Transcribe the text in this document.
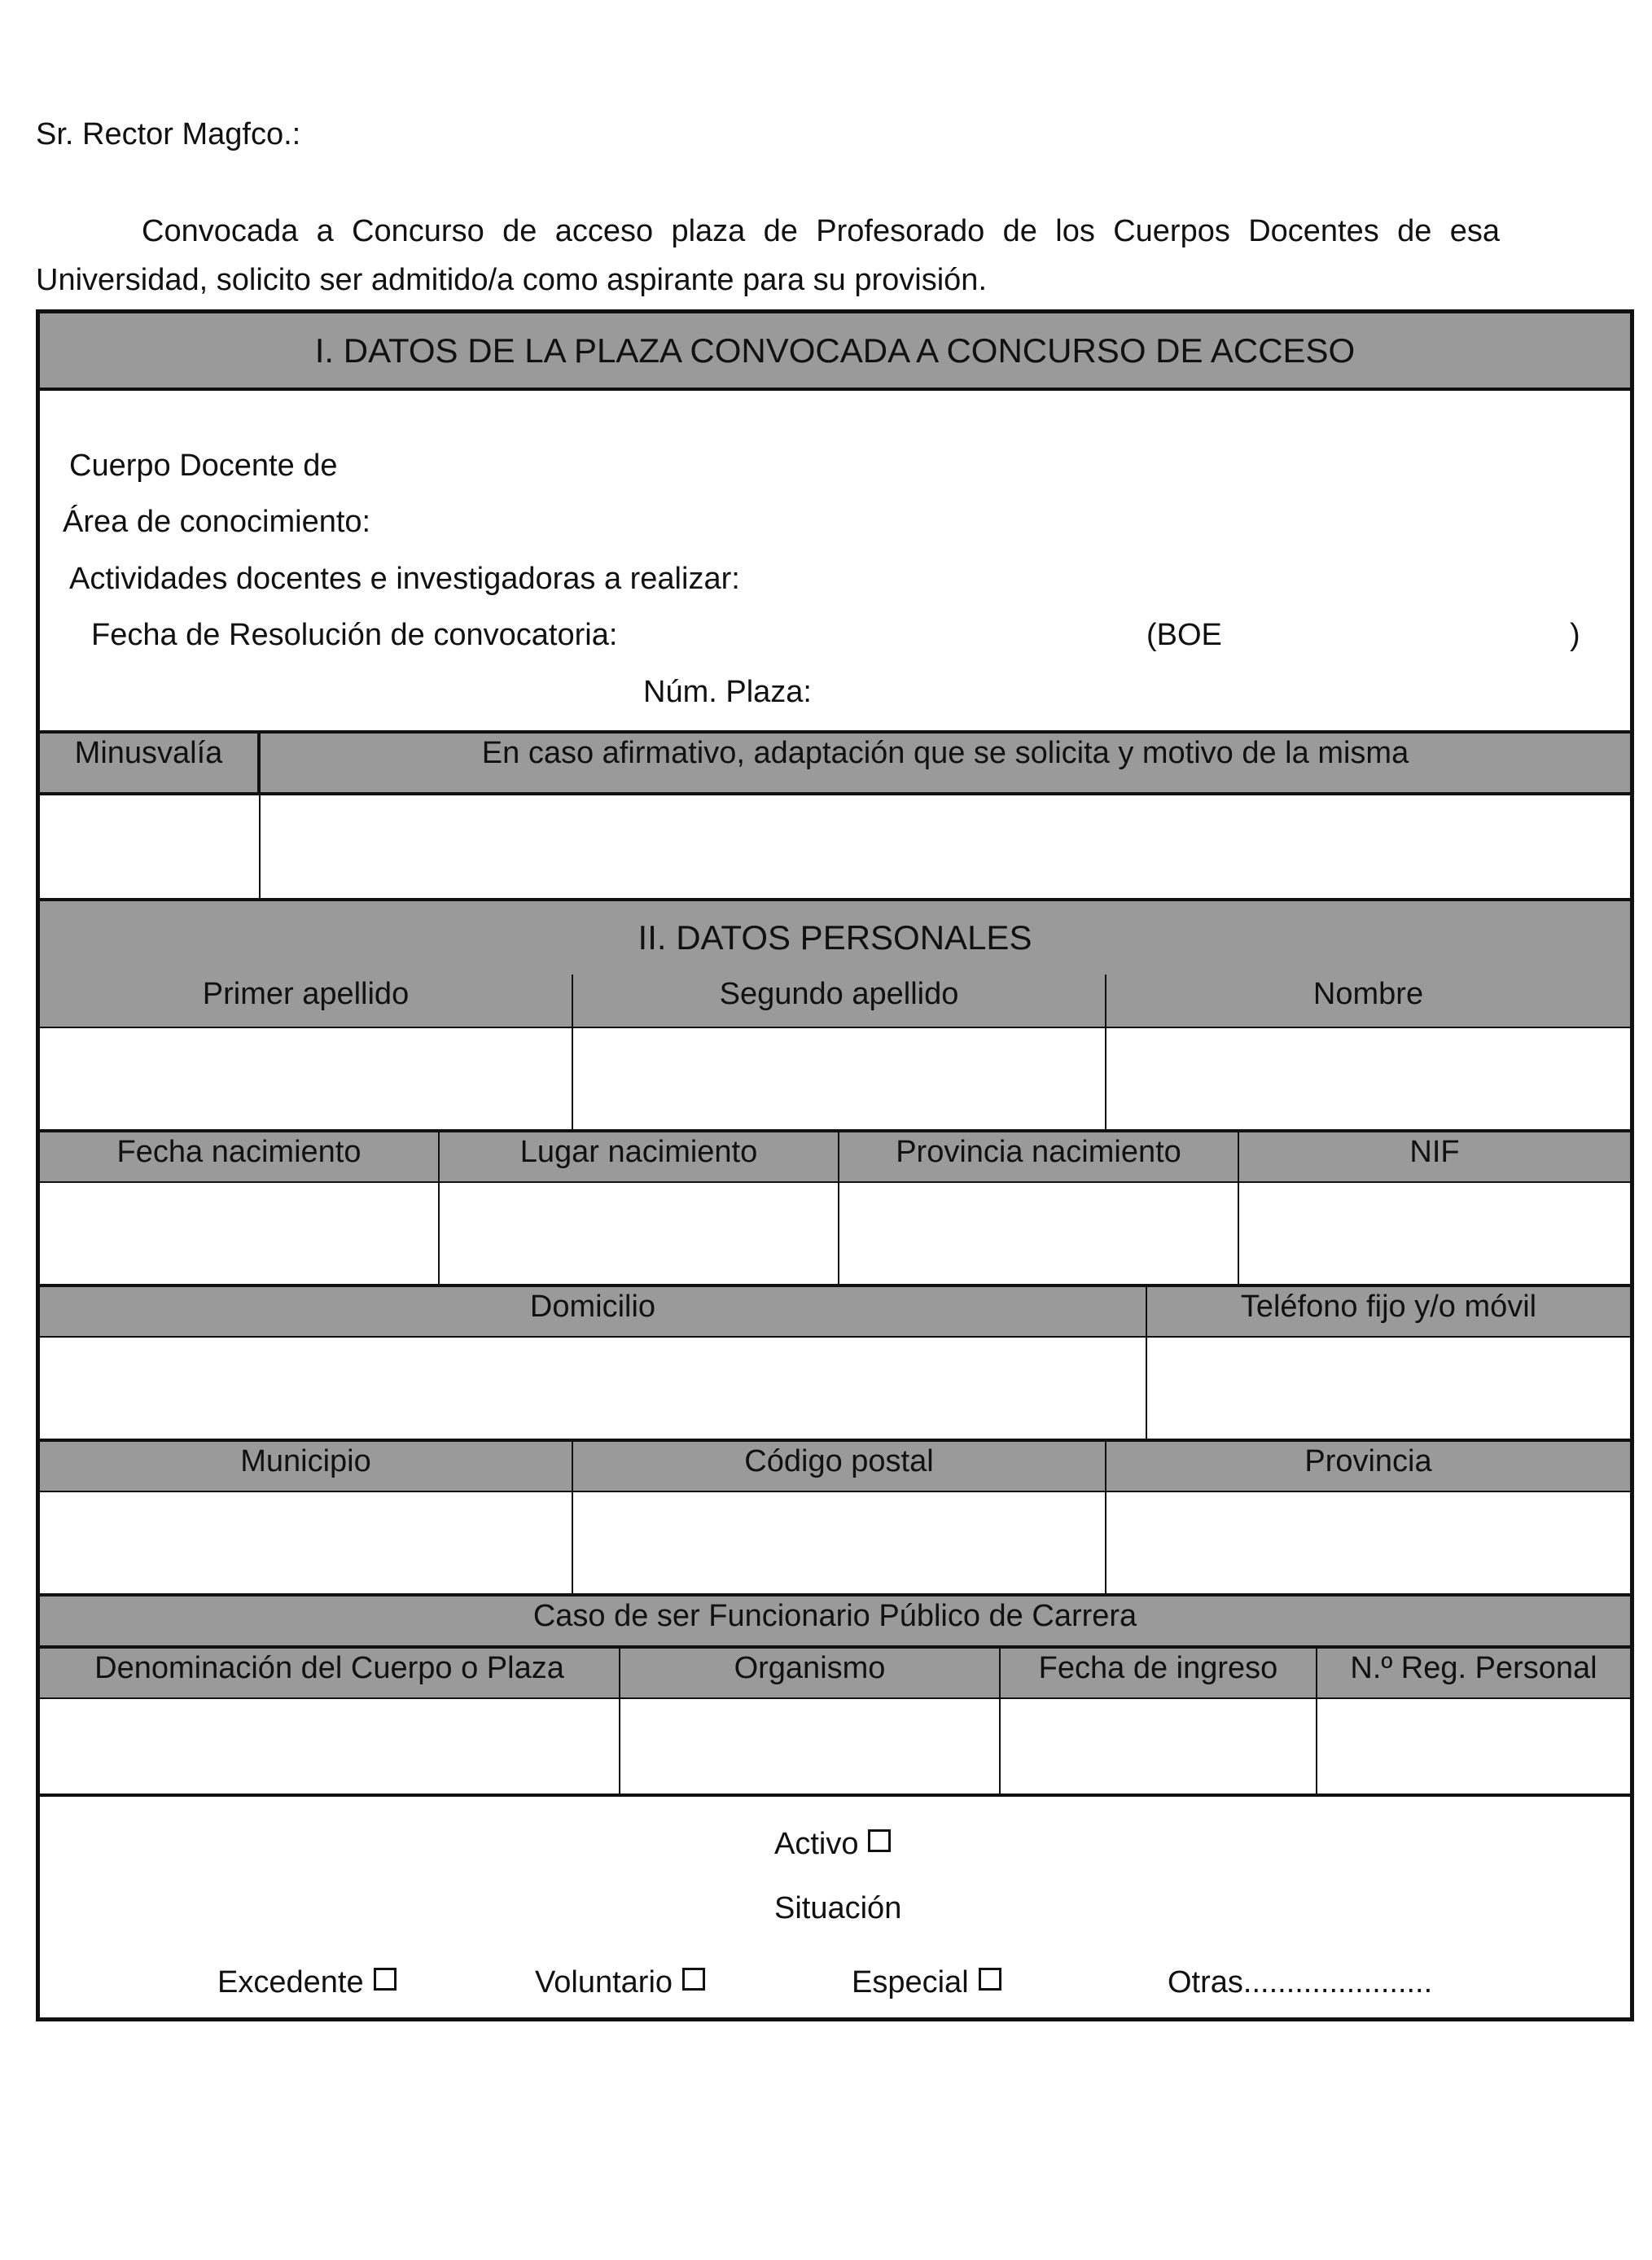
Sr. Rector Magfco.:

Convocada a Concurso de acceso plaza de Profesorado de los Cuerpos Docentes de esa Universidad, solicito ser admitido/a como aspirante para su provisión.

I. DATOS DE LA PLAZA CONVOCADA A CONCURSO DE ACCESO
Cuerpo Docente de
Área de conocimiento:
Actividades docentes e investigadoras a realizar:
Fecha de Resolución de convocatoria:	(BOE	)
Núm. Plaza:
Minusvalía	En caso afirmativo, adaptación que se solicita y motivo de la misma
II. DATOS PERSONALES
Primer apellido	Segundo apellido	Nombre
Fecha nacimiento	Lugar nacimiento	Provincia nacimiento	NIF
Domicilio	Teléfono fijo y/o móvil
Municipio	Código postal	Provincia
Caso de ser Funcionario Público de Carrera
Denominación del Cuerpo o Plaza	Organismo	Fecha de ingreso	N.º Reg. Personal
Activo
Situación
Excedente	Voluntario	Especial	Otras......................
